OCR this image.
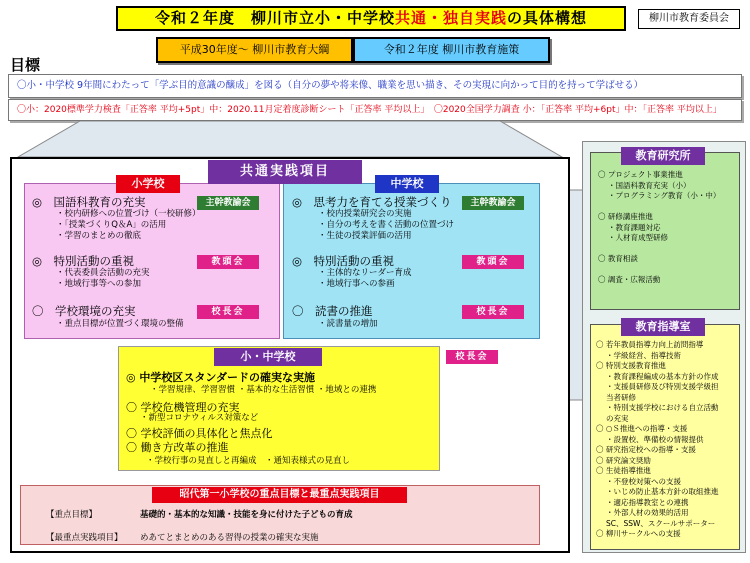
令和２年度　柳川市立小・中学校共通・独自実践の具体構想	柳川市教育委員会
平成30年度～ 柳川市教育大綱	令和２年度 柳川市教育施策
目標
〇小・中学校 9年間にわたって「学ぶ目的意識の醸成」を図る（自分の夢や将来像、職業を思い描き、その実現に向かって目的を持って学ばせる）
〇小：2020標準学力検査「正答率 平均+5pt」中：2020.11月定着度診断シート「正答率 平均以上」　〇2020全国学力調査 小：「正答率 平均+6pt」中：「正答率 平均以上」
共通実践項目
小学校	中学校
◎　国語科教育の充実	主幹教諭会
・校内研修への位置づけ（一校研修）
・「授業づくりQ＆A」の活用
・学習のまとめの徹底
◎　特別活動の重視	教頭会
・代表委員会活動の充実
・地域行事等への参加
〇　学校環境の充実	校長会
・重点目標が位置づく環境の整備
◎　思考力を育てる授業づくり	主幹教諭会
・校内授業研究会の実施
・自分の考えを書く活動の位置づけ
・生徒の授業評価の活用
◎　特別活動の重視	教頭会
・主体的なリーダー育成
・地域行事への参画
〇　読書の推進	校長会
・読書量の増加
小・中学校	校長会
◎ 中学校区スタンダードの確実な実施
・学習規律、学習習慣 ・基本的な生活習慣 ・地域との連携
〇 学校危機管理の充実
・新型コロナウィルス対策など
〇 学校評価の具体化と焦点化
〇 働き方改革の推進
・学校行事の見直しと再編成　・通知表様式の見直し
昭代第一小学校の重点目標と最重点実践項目
【重点目標】	基礎的・基本的な知識・技能を身に付けた子どもの育成
【最重点実践項目】 めあてとまとめのある習得の授業の確実な実施
教育研究所
〇 プロジェクト事業推進
・国語科教育充実（小）
・プログラミング教育（小・中）
〇 研修講座推進
・教育課題対応
・人材育成型研修
〇 教育相談
〇 調査・広報活動
教育指導室
〇 若年教員指導力向上訪問指導
・学級経営、指導技術
〇 特別支援教育推進
・教育課程編成の基本方針の作成
・支援員研修及び特別支援学級担
当者研修
・特別支援学校における自立活動
の充実
〇 ○Ｓ推進への指導・支援
・設置校、準備校の情報提供
〇 研究指定校への指導・支援
〇 研究論文奨励
〇 生徒指導推進
・不登校対策への支援
・いじめ防止基本方針の取組推進
・適応指導教室との連携
・外部人材の効果的活用
SC、SSW、スクールサポーター
〇 柳川サークルへの支援
